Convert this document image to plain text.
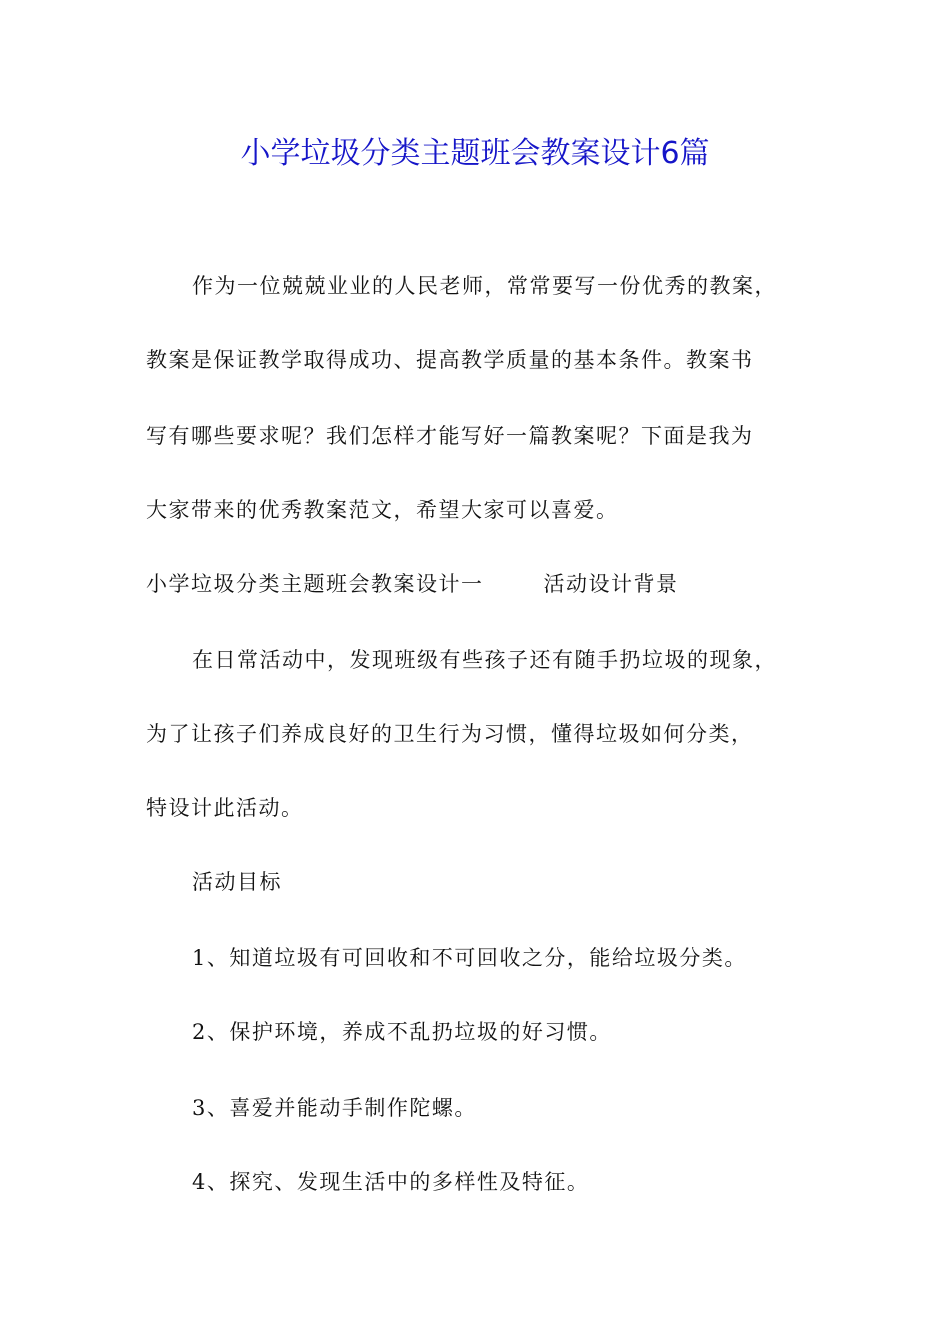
小学垃圾分类主题班会教案设计6篇

作为一位兢兢业业的人民老师，常常要写一份优秀的教案，

教案是保证教学取得成功、提高教学质量的基本条件。教案书

写有哪些要求呢？我们怎样才能写好一篇教案呢？下面是我为

大家带来的优秀教案范文，希望大家可以喜爱。

小学垃圾分类主题班会教案设计一	活动设计背景

在日常活动中，发现班级有些孩子还有随手扔垃圾的现象，

为了让孩子们养成良好的卫生行为习惯，懂得垃圾如何分类，

特设计此活动。

活动目标

1、知道垃圾有可回收和不可回收之分，能给垃圾分类。

2、保护环境，养成不乱扔垃圾的好习惯。

3、喜爱并能动手制作陀螺。

4、探究、发现生活中的多样性及特征。
